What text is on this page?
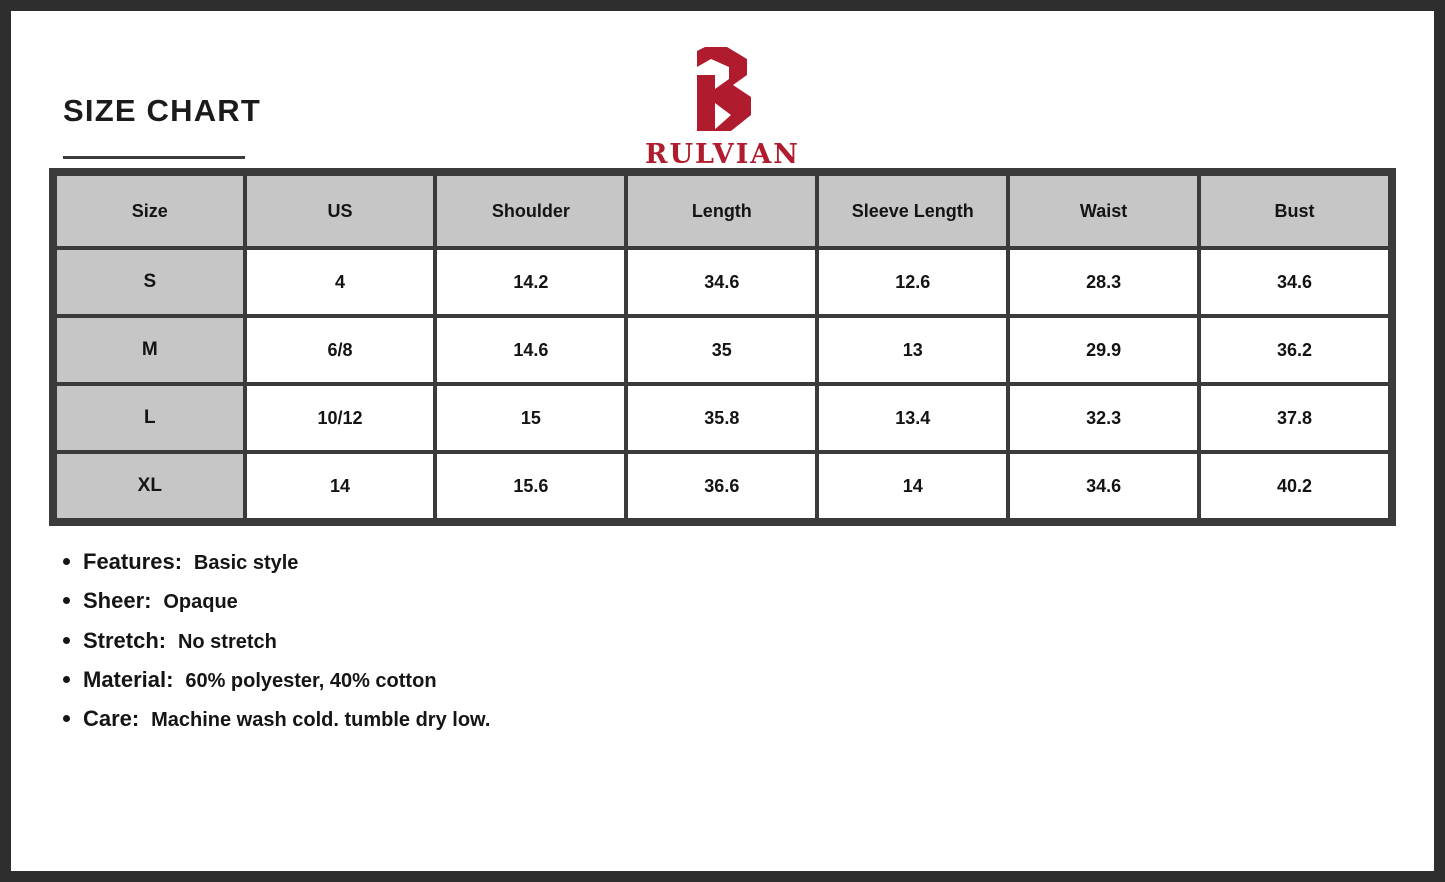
SIZE CHART
RULVIAN
Size	US	Shoulder	Length	Sleeve Length	Waist	Bust
S	4	14.2	34.6	12.6	28.3	34.6
M	6/8	14.6	35	13	29.9	36.2
L	10/12	15	35.8	13.4	32.3	37.8
XL	14	15.6	36.6	14	34.6	40.2
Features: Basic style
Sheer: Opaque
Stretch: No stretch
Material: 60% polyester, 40% cotton
Care: Machine wash cold. tumble dry low.
